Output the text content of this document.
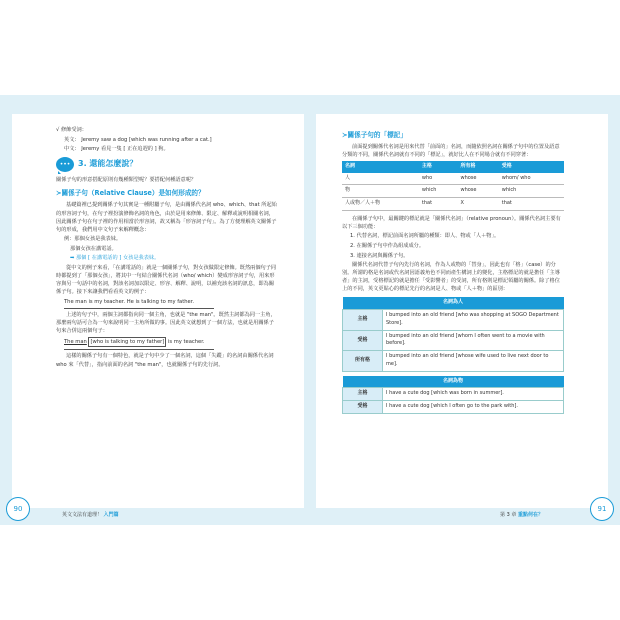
√ 修飾受詞：
英文： Jeremy saw a dog [which was running after a cat.]
中文： Jeremy 看見一隻 [ 正在追趕的 ] 狗。
••• 3. 還能怎麼說？

關係子句的形意搭配原則有幾種類型呢？要搭配何種語意呢？

≻關係子句（Relative Clause）是如何形成的？

基礎篇裡已提到關係子句其實是一種附屬子句，是由關係代名詞 who、which、that 所起始的形容詞子句，在句子裡扮演修飾名詞的角色，由於是用來修飾、限定、解釋或說明相關名詞，因此關係子句在句子裡的作用相當於形容詞，故又稱為「形容詞子句」。為了方便理解英文關係子句的形成，我們用中文句子來解釋概念：

例：那個女孩是我表妹。
那個女孩在講電話。
➡ 那個 [ 在講電話的 ] 女孩是我表妹。

從中文的例子來看，「在講電話的」就是一個關係子句，對女孩做限定修飾。既然兩個句子同時都提到了「那個女孩」，將其中一句結合關係代名詞（who/ which）變成形容詞子句，用來形容與另一句話中的名詞，對該名詞加以限定、形容、解釋、說明，以補充該名詞的訊息，即為關係子句。接下來讓我們看看英文的例子：

The man is my teacher. He is talking to my father.

上述的句子中，兩個主詞都指向同一個主角，也就是 "the man"。既然主詞都為同一主角，那麼兩句話可合為一句來說明同一主角所做的事。因此英文就想到了一個方法，也就是用關係子句來合併這兩個句子：

The man [who is talking to my father] is my teacher.

這樣的關係子句有一個特色，就是子句中少了一個名詞，這個「失蹤」的名詞由關係代名詞 who 來「代替」，指向前面的名詞 "the man"，也就關係子句的先行詞。

90
英文文法有道理！ 入門篇
≻關係子句的「標記」

前面提到關係代名詞是用來代替「前面的」名詞，而隨依照名詞在關係子句中的位置及語意分類的不同，關係代名詞就有不同的「標記」，就好比人在不同場合就有不同穿著：

名詞	主格	所有格	受格
人	who	whose	whom/ who
物	which	whose	which
人或物／人＋物	that	X	that

在關係子句中，最關鍵的標記就是「關係代名詞」（relative pronoun）。關係代名詞主要有以下三個功能：

1. 代替名詞，標記前面名詞所屬的種類：即人、物或「人＋物」。
2. 在關係子句中作為組成成分。
3. 連接名詞與關係子句。

關係代名詞代替子句內先行的名詞，作為人或物的「替身」，因此也有「格」（case）的分別。所謂的格是名詞或代名詞因語義角色不同而產生構詞上的變化，主格標記的就是擔任「主導者」的主詞，受格標記的就是擔任「受影響者」的受詞，所有格則是標記領屬的關係。除了格位上的不同，英文更貼心的標記先行的名詞是人、物或「人＋物」的區別：

名詞為人	
主格	I bumped into an old friend [who was shopping at SOGO Department Store].
受格	I bumped into an old friend [whom I often went to a movie with before].
所有格	I bumped into an old friend [whose wife used to live next door to me].
名詞為物	
主格	I have a cute dog [which was born in summer].
受格	I have a cute dog [which I often go to the park with].
91
第 3 章 重點何在？
